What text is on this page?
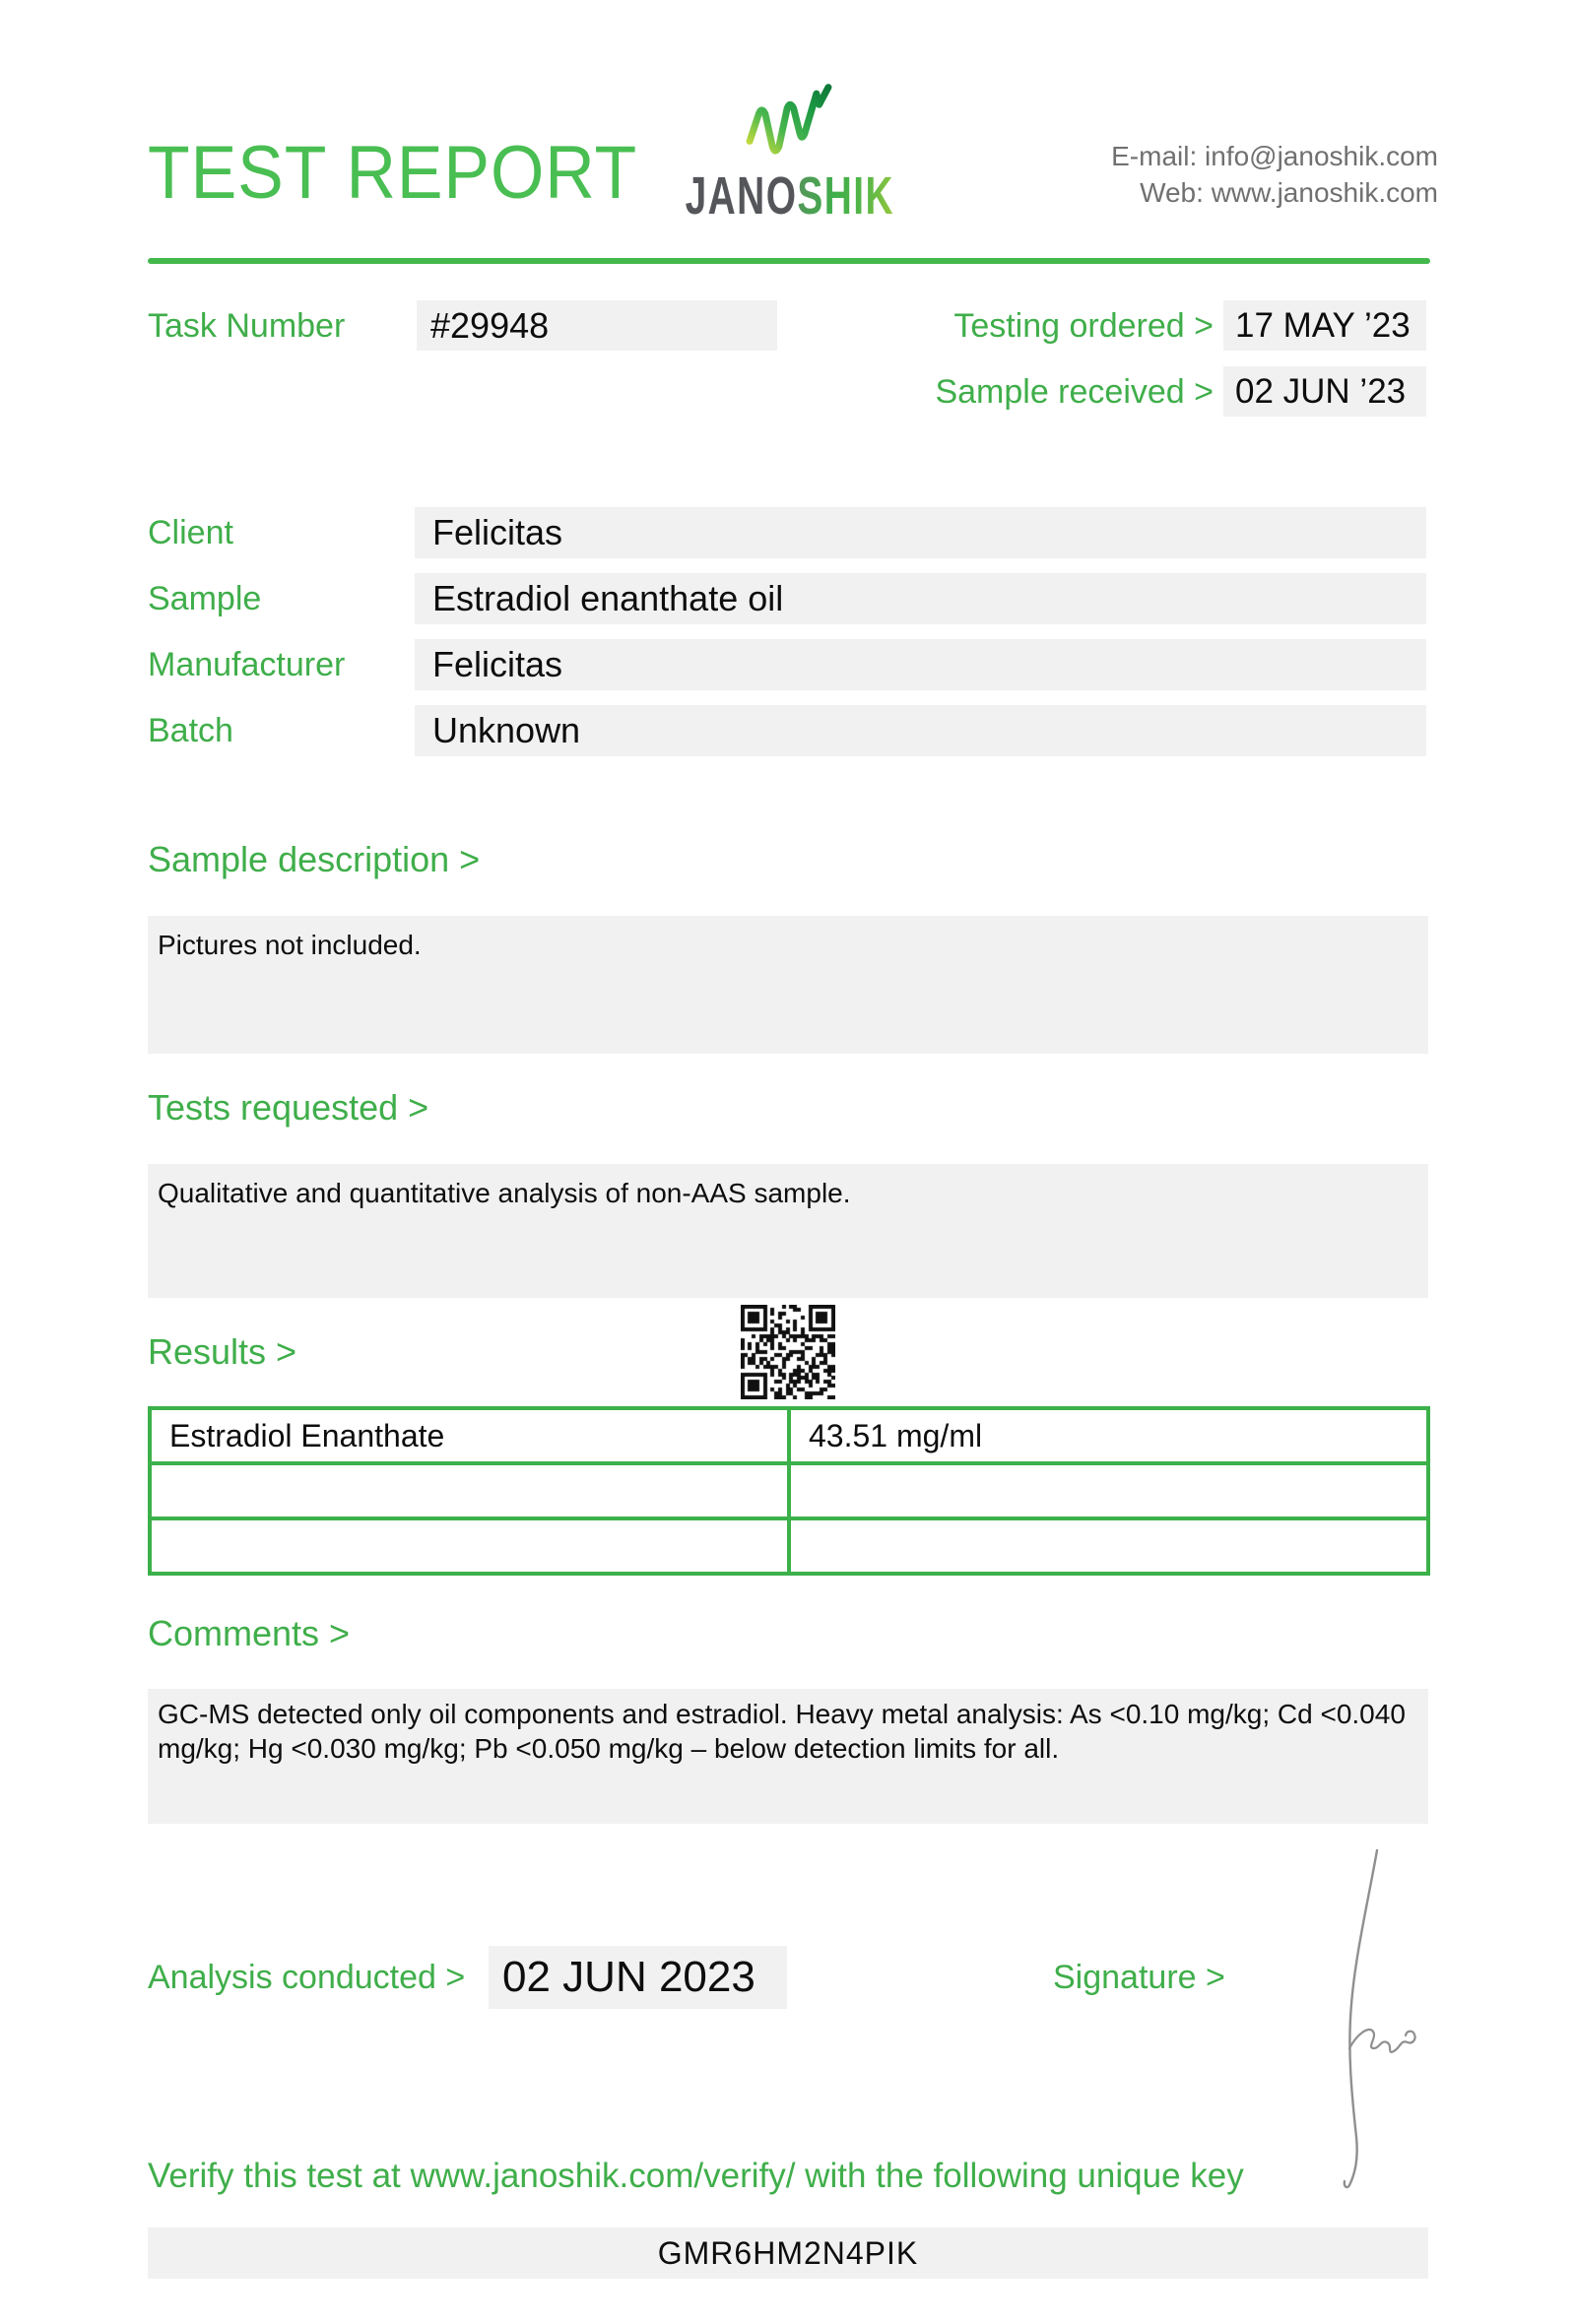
TEST REPORT JANOSHIK
E-mail: info@janoshik.com
Web: www.janoshik.com
Task Number	#29948	Testing ordered > 17 MAY ’23
Sample received > 02 JUN ’23
Client	Felicitas
Sample	Estradiol enanthate oil
Manufacturer	Felicitas
Batch	Unknown
Sample description >
Pictures not included.
Tests requested >
Qualitative and quantitative analysis of non-AAS sample.
Results >
Estradiol Enanthate	43.51 mg/ml
Comments >
GC-MS detected only oil components and estradiol. Heavy metal analysis: As <0.10 mg/kg; Cd <0.040 mg/kg; Hg <0.030 mg/kg; Pb <0.050 mg/kg – below detection limits for all.
Analysis conducted > 02 JUN 2023	Signature >
Verify this test at www.janoshik.com/verify/ with the following unique key
GMR6HM2N4PIK
